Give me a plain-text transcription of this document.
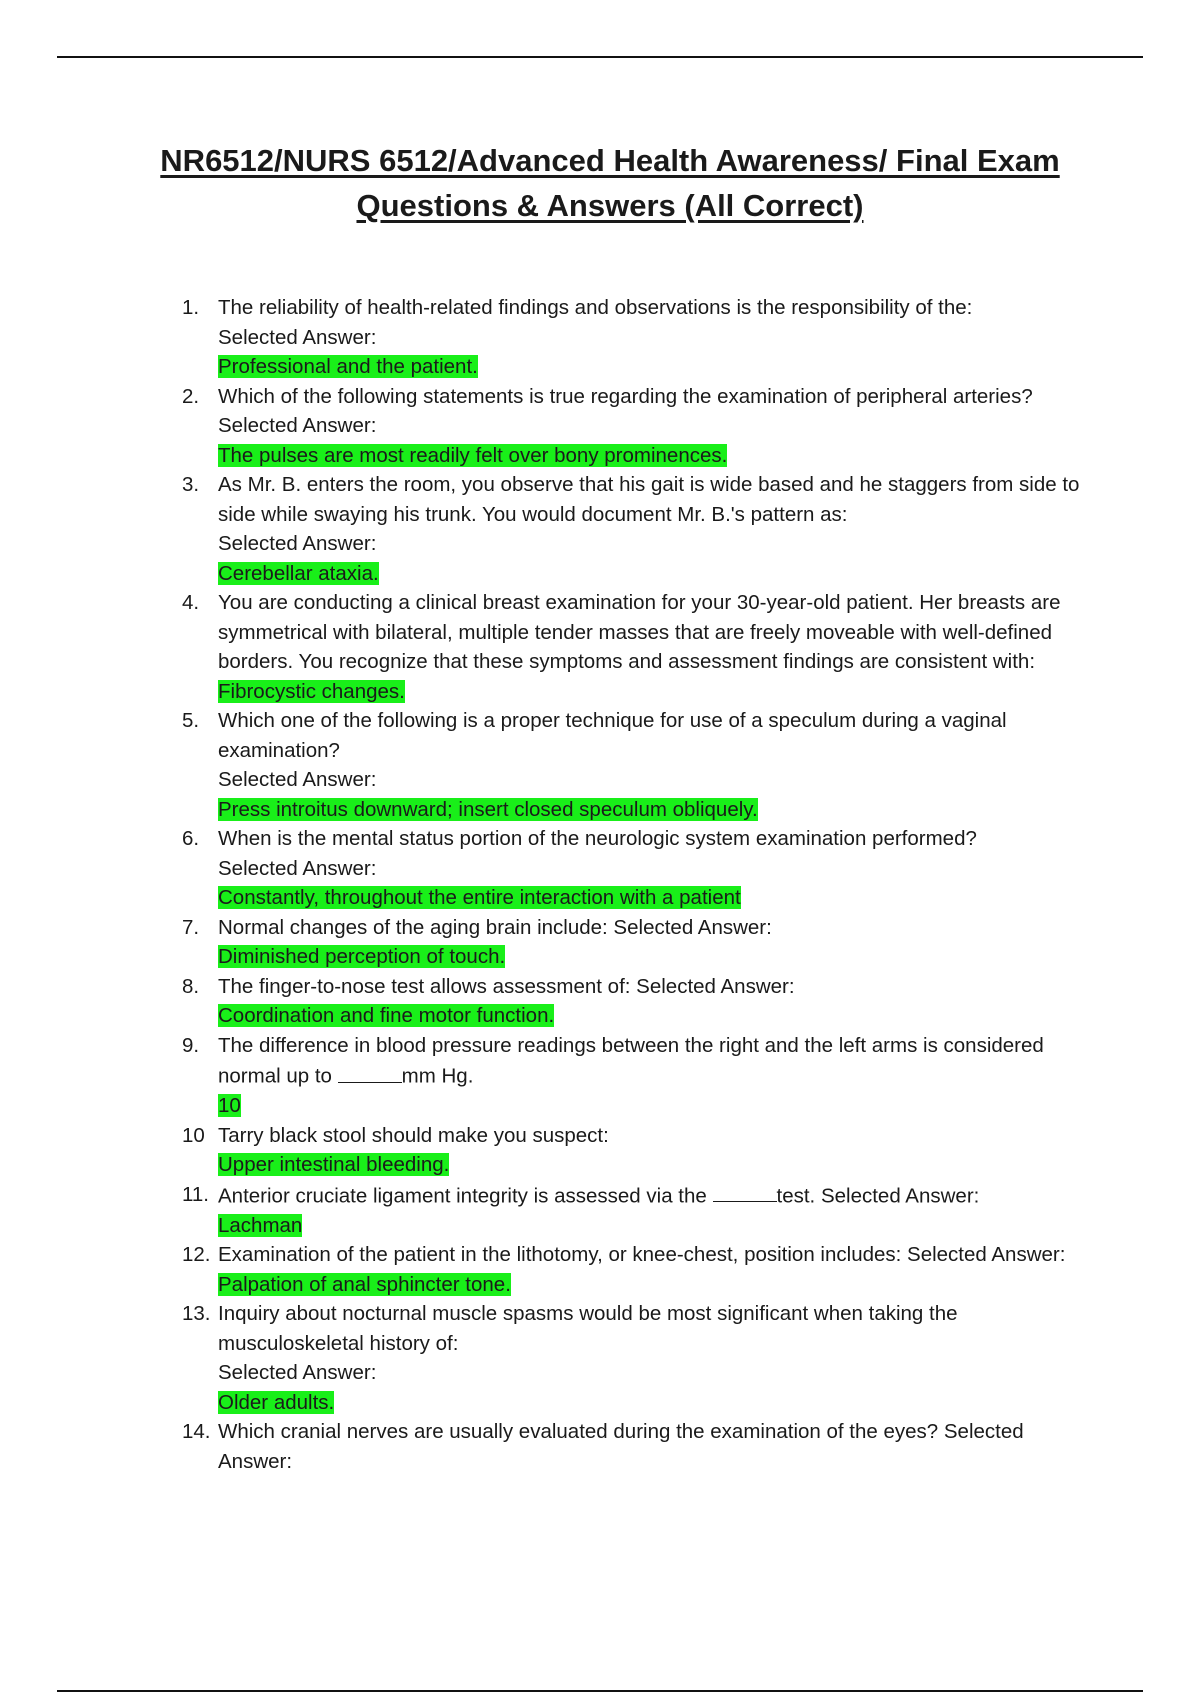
NR6512/NURS 6512/Advanced Health Awareness/ Final Exam
Questions & Answers (All Correct)
1. The reliability of health-related findings and observations is the responsibility of the:
Selected Answer:
Professional and the patient.
2. Which of the following statements is true regarding the examination of peripheral arteries?
Selected Answer:
The pulses are most readily felt over bony prominences.
3. As Mr. B. enters the room, you observe that his gait is wide based and he staggers from side to side while swaying his trunk. You would document Mr. B.'s pattern as:
Selected Answer:
Cerebellar ataxia.
4. You are conducting a clinical breast examination for your 30-year-old patient. Her breasts are symmetrical with bilateral, multiple tender masses that are freely moveable with well-defined borders. You recognize that these symptoms and assessment findings are consistent with:
Fibrocystic changes.
5. Which one of the following is a proper technique for use of a speculum during a vaginal examination?
Selected Answer:
Press introitus downward; insert closed speculum obliquely.
6. When is the mental status portion of the neurologic system examination performed?
Selected Answer:
Constantly, throughout the entire interaction with a patient
7. Normal changes of the aging brain include: Selected Answer:
Diminished perception of touch.
8. The finger-to-nose test allows assessment of: Selected Answer:
Coordination and fine motor function.
9. The difference in blood pressure readings between the right and the left arms is considered normal up to	mm Hg.
10
10 Tarry black stool should make you suspect:
Upper intestinal bleeding.
11. Anterior cruciate ligament integrity is assessed via the	test. Selected Answer:
Lachman
12. Examination of the patient in the lithotomy, or knee-chest, position includes: Selected Answer:
Palpation of anal sphincter tone.
13. Inquiry about nocturnal muscle spasms would be most significant when taking the musculoskeletal history of:
Selected Answer:
Older adults.
14. Which cranial nerves are usually evaluated during the examination of the eyes? Selected Answer:
